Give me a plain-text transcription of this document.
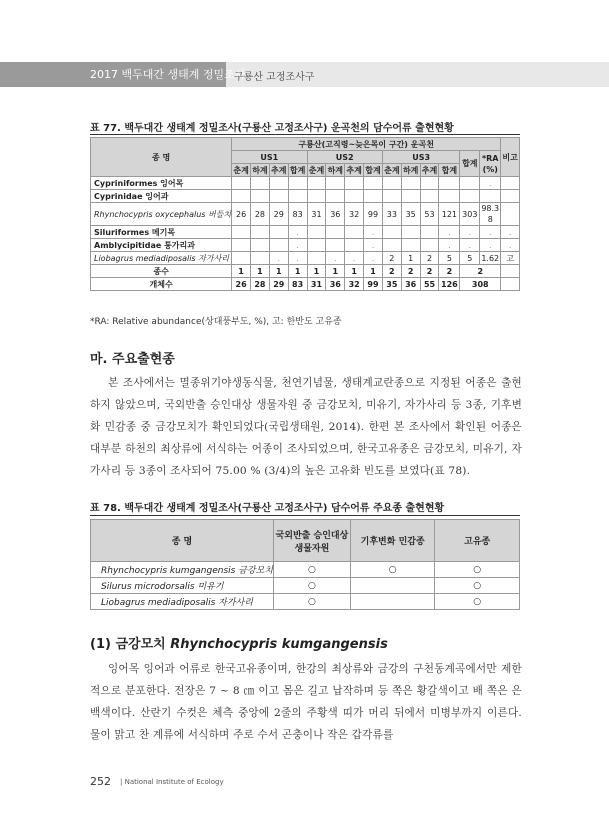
2017 백두대간 생태계 정밀조사
구룡산 고정조사구
표 77. 백두대간 생태계 정밀조사(구룡산 고정조사구) 운곡천의 담수어류 출현현황
종 명	구룡산(고직령~늦은목이 구간) 운곡천														비고
	US1				US2				US3				합계	*RA (%)	
	춘계	하계	추계	합계	춘계	하계	추계	합계	춘계	하계	추계	합계			
Cypriniformes 잉어목														.	
Cyprinidae 잉어과															
Rhynchocypris oxycephalus 버들치	26	28	29	83	31	36	32	99	33	35	53	121	303	98.3 8	
Siluriformes 메기목				.				.				.	.	.	.
Amblycipitidae 퉁가리과				.				.				.	.	.	.
Liobagrus mediadiposalis 자가사리			.	.		.	.	.	2	1	2	5	5	1.62	고
종수	1	1	1	1	1	1	1	1	2	2	2	2	2		
개체수	26	28	29	83	31	36	32	99	35	36	55	126	308		
*RA: Relative abundance(상대풍부도, %), 고: 한반도 고유종
마. 주요출현종
본 조사에서는 멸종위기야생동식물, 천연기념물, 생태계교란종으로 지정된 어종은 출현하지 않았으며, 국외반출 승인대상 생물자원 중 금강모치, 미유기, 자가사리 등 3종, 기후변화 민감종 중 금강모치가 확인되었다(국립생태원, 2014). 한편 본 조사에서 확인된 어종은 대부분 하천의 최상류에 서식하는 어종이 조사되었으며, 한국고유종은 금강모치, 미유기, 자가사리 등 3종이 조사되어 75.00 % (3/4)의 높은 고유화 빈도를 보였다(표 78).
표 78. 백두대간 생태계 정밀조사(구룡산 고정조사구) 담수어류 주요종 출현현황
종 명	국외반출 승인대상 생물자원	기후변화 민감종	고유종
Rhynchocypris kumgangensis 금강모치	○	○	○
Silurus microdorsalis 미유기	○		○
Liobagrus mediadiposalis 자가사리	○		○
(1) 금강모치 Rhynchocypris kumgangensis
잉어목 잉어과 어류로 한국고유종이며, 한강의 최상류와 금강의 구천동계곡에서만 제한적으로 분포한다. 전장은 7 ~ 8 ㎝ 이고 몸은 길고 납작하며 등 쪽은 황갈색이고 배 쪽은 은백색이다. 산란기 수컷은 체측 중앙에 2줄의 주황색 띠가 머리 뒤에서 미병부까지 이른다. 물이 맑고 찬 계류에 서식하며 주로 수서 곤충이나 작은 갑각류를
252 | National Institute of Ecology
